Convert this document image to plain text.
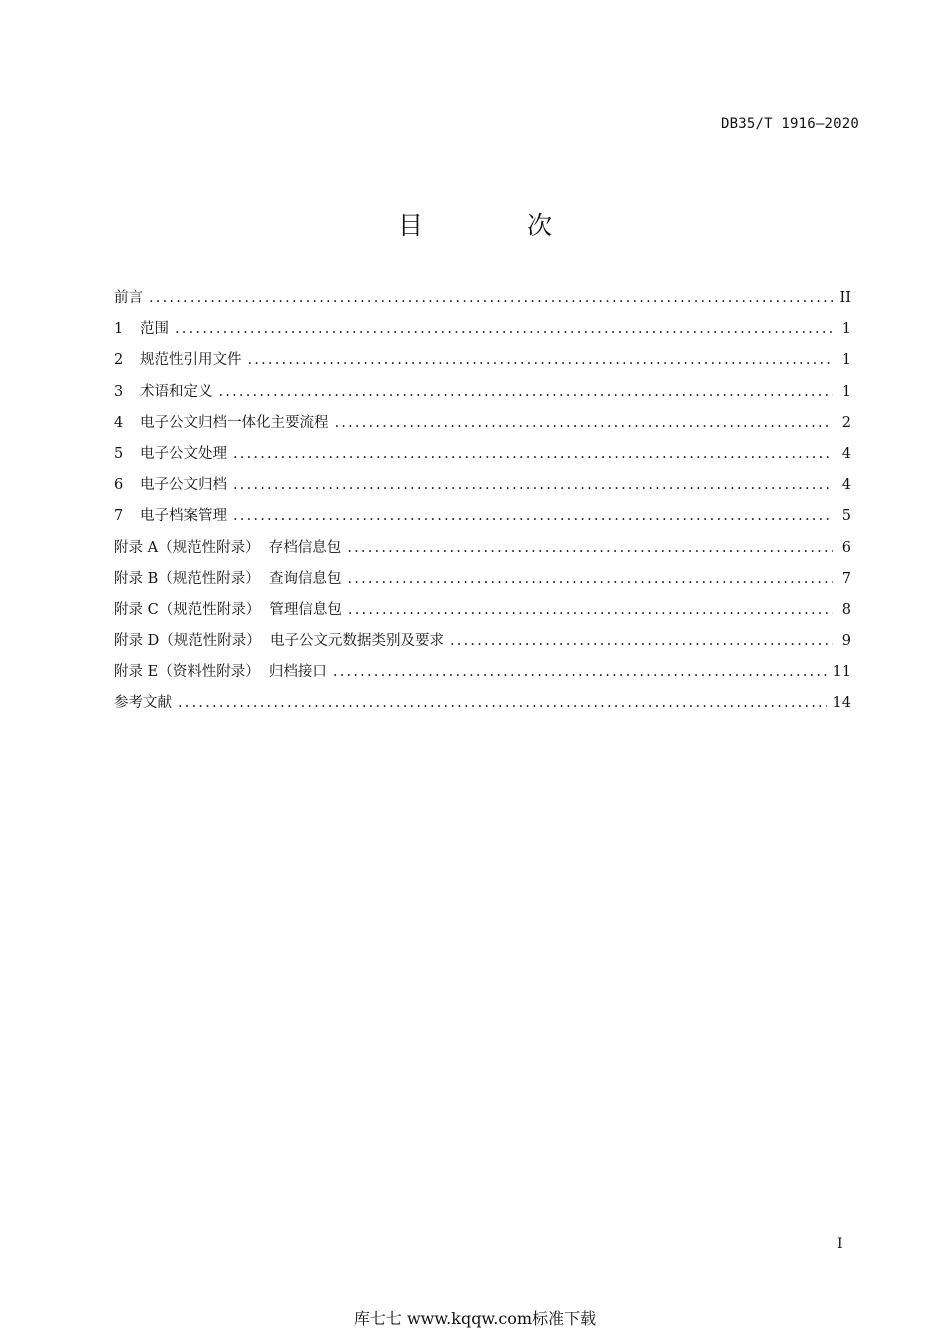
DB35/T 1916—2020
目 次
前言 .....	II
1	范围 .....	1
2	规范性引用文件 .....	1
3	术语和定义 .....	1
4	电子公文归档一体化主要流程 .....	2
5	电子公文处理 .....	4
6	电子公文归档 .....	4
7	电子档案管理 .....	5
附录 A（规范性附录）  存档信息包 .....	6
附录 B（规范性附录）  查询信息包 .....	7
附录 C（规范性附录）  管理信息包 .....	8
附录 D（规范性附录）  电子公文元数据类别及要求 .....	9
附录 E（资料性附录）  归档接口 .....	11
参考文献 .....	14
I
库七七 www.kqqw.com标准下载
